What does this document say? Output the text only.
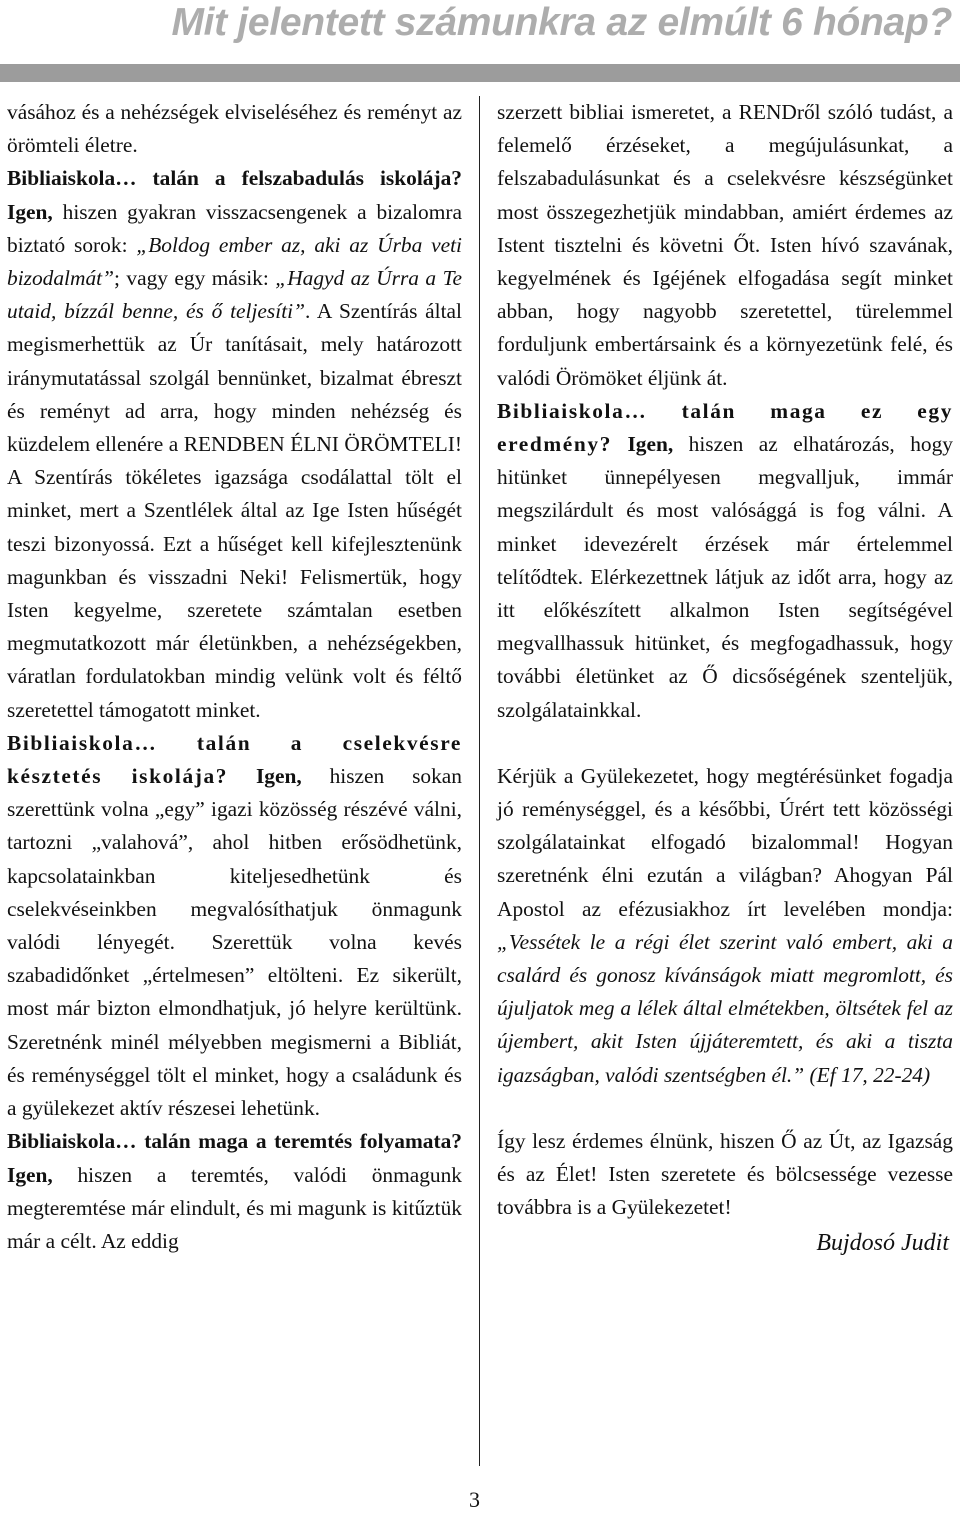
Mit jelentett számunkra az elmúlt 6 hónap?

vásához és a nehézségek elviseléséhez és reményt az örömteli életre.

Bibliaiskola… talán a felszabadulás iskolája? Igen, hiszen gyakran visszacsengenek a bizalomra biztató sorok: „Boldog ember az, aki az Úrba veti bizodalmát”; vagy egy másik: „Hagyd az Úrra a Te utaid, bízzál benne, és ő teljesíti”. A Szentírás által megismerhettük az Úr tanításait, mely határozott iránymutatással szolgál bennünket, bizalmat ébreszt és reményt ad arra, hogy minden nehézség és küzdelem ellenére a RENDBEN ÉLNI ÖRÖMTELI! A Szentírás tökéletes igazsága csodálattal tölt el minket, mert a Szentlélek által az Ige Isten hűségét teszi bizonyossá. Ezt a hűséget kell kifejlesztenünk magunkban és visszadni Neki! Felismertük, hogy Isten kegyelme, szeretete számtalan esetben megmutatkozott már életünkben, a nehézségekben, váratlan fordulatokban mindig velünk volt és féltő szeretettel támogatott minket.

Bibliaiskola… talán a cselekvésre késztetés iskolája? Igen, hiszen sokan szerettünk volna „egy” igazi közösség részévé válni, tartozni „valahová”, ahol hitben erősödhetünk, kapcsolatainkban kiteljesedhetünk és cselekvéseinkben megvalósíthatjuk önmagunk valódi lényegét. Szerettük volna kevés szabadidőnket „értelmesen” eltölteni. Ez sikerült, most már bizton elmondhatjuk, jó helyre kerültünk. Szeretnénk minél mélyebben megismerni a Bibliát, és reménységgel tölt el minket, hogy a családunk és a gyülekezet aktív részesei lehetünk.

Bibliaiskola… talán maga a teremtés folyamata? Igen, hiszen a teremtés, valódi önmagunk megteremtése már elindult, és mi magunk is kitűztük már a célt. Az eddig

szerzett bibliai ismeretet, a RENDről szóló tudást, a felemelő érzéseket, a megújulásunkat, a felszabadulásunkat és a cselekvésre készségünket most összegezhetjük mindabban, amiért érdemes az Istent tisztelni és követni Őt. Isten hívó szavának, kegyelmének és Igéjének elfogadása segít minket abban, hogy nagyobb szeretettel, türelemmel forduljunk embertársaink és a környezetünk felé, és valódi Örömöket éljünk át.

Bibliaiskola… talán maga ez egy eredmény? Igen, hiszen az elhatározás, hogy hitünket ünnepélyesen megvalljuk, immár megszilárdult és most valósággá is fog válni. A minket idevezérelt érzések már értelemmel telítődtek. Elérkezettnek látjuk az időt arra, hogy az itt előkészített alkalmon Isten segítségével megvallhassuk hitünket, és megfogadhassuk, hogy további életünket az Ő dicsőségének szenteljük, szolgálatainkkal.

Kérjük a Gyülekezetet, hogy megtérésünket fogadja jó reménységgel, és a későbbi, Úrért tett közösségi szolgálatainkat elfogadó bizalommal! Hogyan szeretnénk élni ezután a világban? Ahogyan Pál Apostol az efézusiakhoz írt levelében mondja: „Vessétek le a régi élet szerint való embert, aki a csalárd és gonosz kívánságok miatt megromlott, és újuljatok meg a lélek által elmétekben, öltsétek fel az újembert, akit Isten újjáteremtett, és aki a tiszta igazságban, valódi szentségben él.” (Ef 17, 22-24)

Így lesz érdemes élnünk, hiszen Ő az Út, az Igazság és az Élet! Isten szeretete és bölcsessége vezesse továbbra is a Gyülekezetet!

Bujdosó Judit
3
